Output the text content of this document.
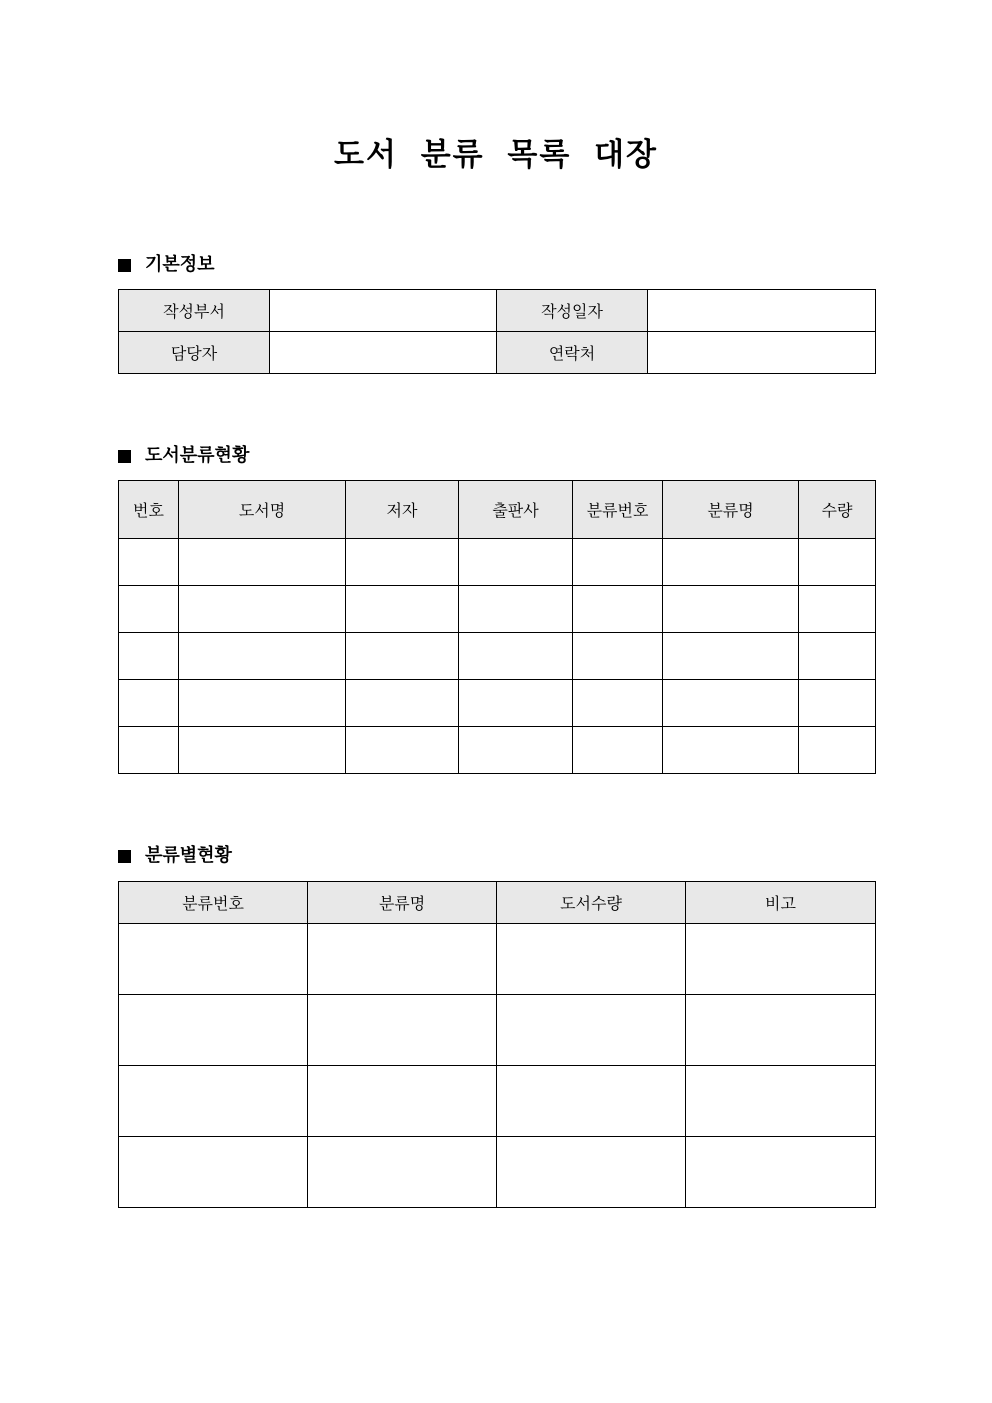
도서 분류 목록 대장
기본정보
작성부서		작성일자	
담당자		연락처	
도서분류현황
번호	도서명	저자	출판사	분류번호	분류명	수량

분류별현황
분류번호	분류명	도서수량	비고
